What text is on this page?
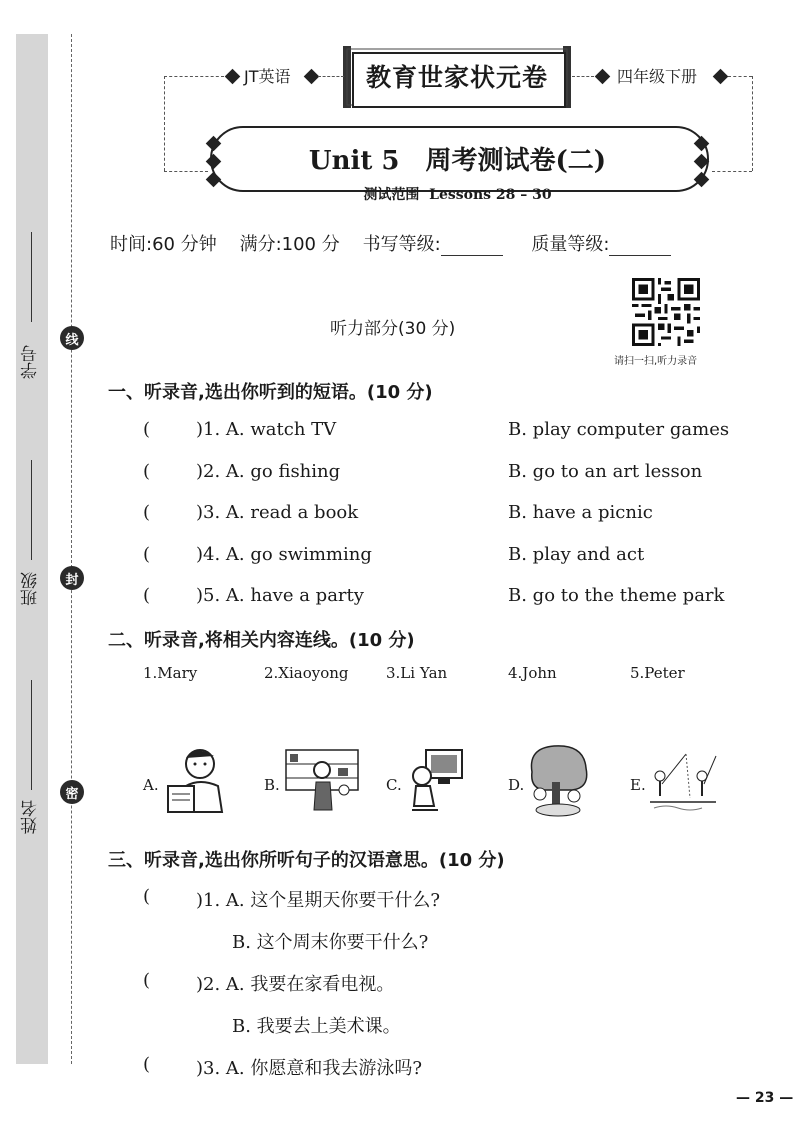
学号
班级
姓名
线
封
密
教育世家状元卷
JT英语	四年级下册
Unit 5　周考测试卷(二)
测试范围 Lessons 28 – 30
时间:60 分钟 满分:100 分 书写等级:	质量等级:
听力部分(30 分)
请扫一扫,听力录音
一、听录音,选出你听到的短语。(10 分)
(	)1. A. watch TV	B. play computer games
(	)2. A. go fishing	B. go to an art lesson
(	)3. A. read a book	B. have a picnic
(	)4. A. go swimming	B. play and act
(	)5. A. have a party	B. go to the theme park
二、听录音,将相关内容连线。(10 分)
1.Mary	2.Xiaoyong 3.Li Yan	4.John	5.Peter
A.	B.	C.	D.	E.
三、听录音,选出你所听句子的汉语意思。(10 分)
(	)1. A. 这个星期天你要干什么?
B. 这个周末你要干什么?
(	)2. A. 我要在家看电视。
B. 我要去上美术课。
(	)3. A. 你愿意和我去游泳吗?
— 23 —
